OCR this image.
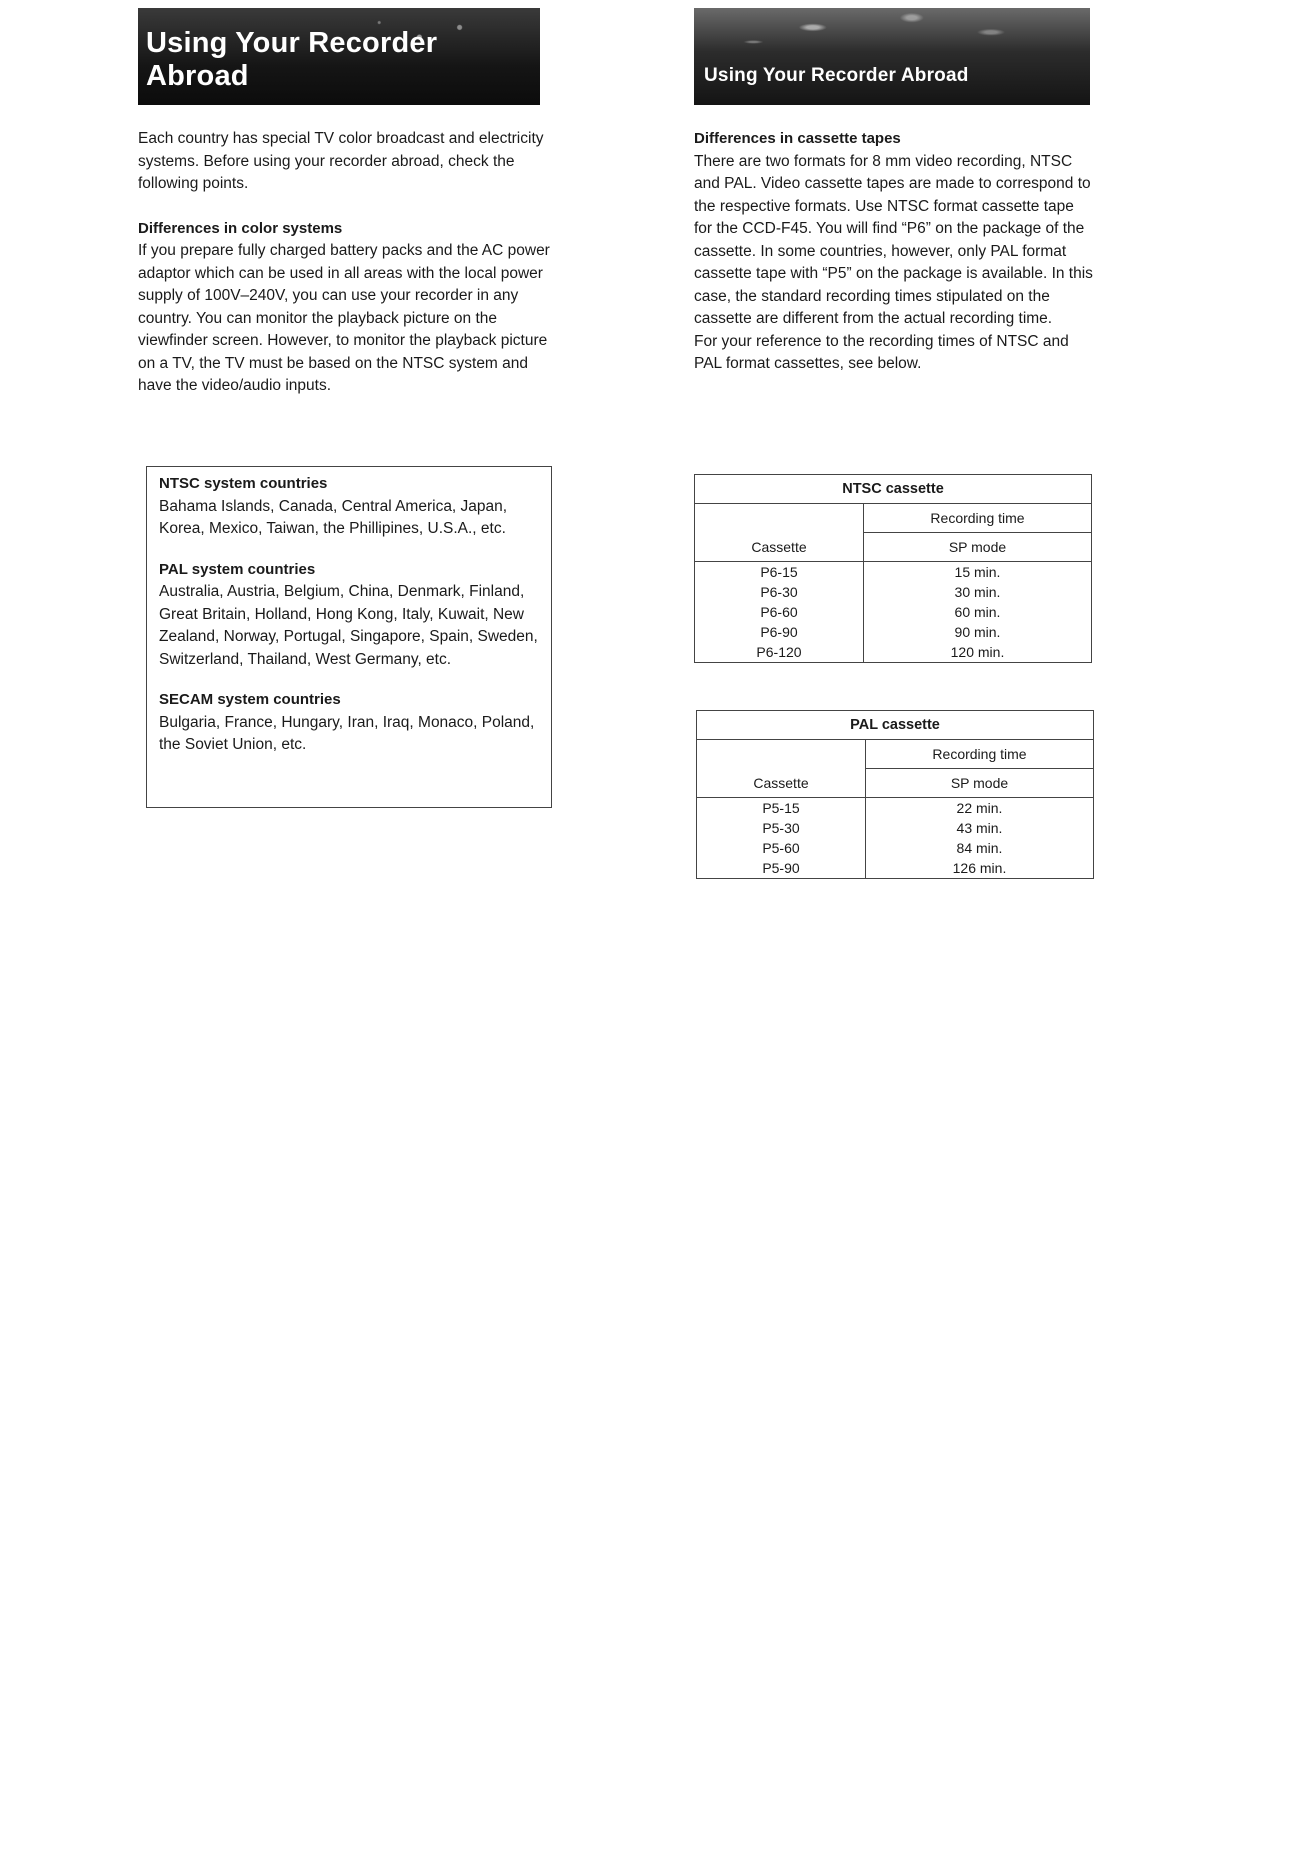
Using Your Recorder Abroad

Each country has special TV color broadcast and electricity systems. Before using your recorder abroad, check the following points.

Differences in color systems

If you prepare fully charged battery packs and the AC power adaptor which can be used in all areas with the local power supply of 100V–240V, you can use your recorder in any country. You can monitor the playback picture on the viewfinder screen. However, to monitor the playback picture on a TV, the TV must be based on the NTSC system and have the video/audio inputs.

NTSC system countries

Bahama Islands, Canada, Central America, Japan, Korea, Mexico, Taiwan, the Phillipines, U.S.A., etc.

PAL system countries

Australia, Austria, Belgium, China, Denmark, Finland, Great Britain, Holland, Hong Kong, Italy, Kuwait, New Zealand, Norway, Portugal, Singapore, Spain, Sweden, Switzerland, Thailand, West Germany, etc.

SECAM system countries

Bulgaria, France, Hungary, Iran, Iraq, Monaco, Poland, the Soviet Union, etc.

Using Your Recorder Abroad

Differences in cassette tapes

There are two formats for 8 mm video recording, NTSC and PAL. Video cassette tapes are made to correspond to the respective formats. Use NTSC format cassette tape for the CCD-F45. You will find “P6” on the package of the cassette. In some countries, however, only PAL format cassette tape with “P5” on the package is available. In this case, the standard recording times stipulated on the cassette are different from the actual recording time.

For your reference to the recording times of NTSC and PAL format cassettes, see below.

NTSC cassette	
Cassette	Recording time
	SP mode
P6-15	15 min.
P6-30	30 min.
P6-60	60 min.
P6-90	90 min.
P6-120	120 min.
PAL cassette	
Cassette	Recording time
	SP mode
P5-15	22 min.
P5-30	43 min.
P5-60	84 min.
P5-90	126 min.
